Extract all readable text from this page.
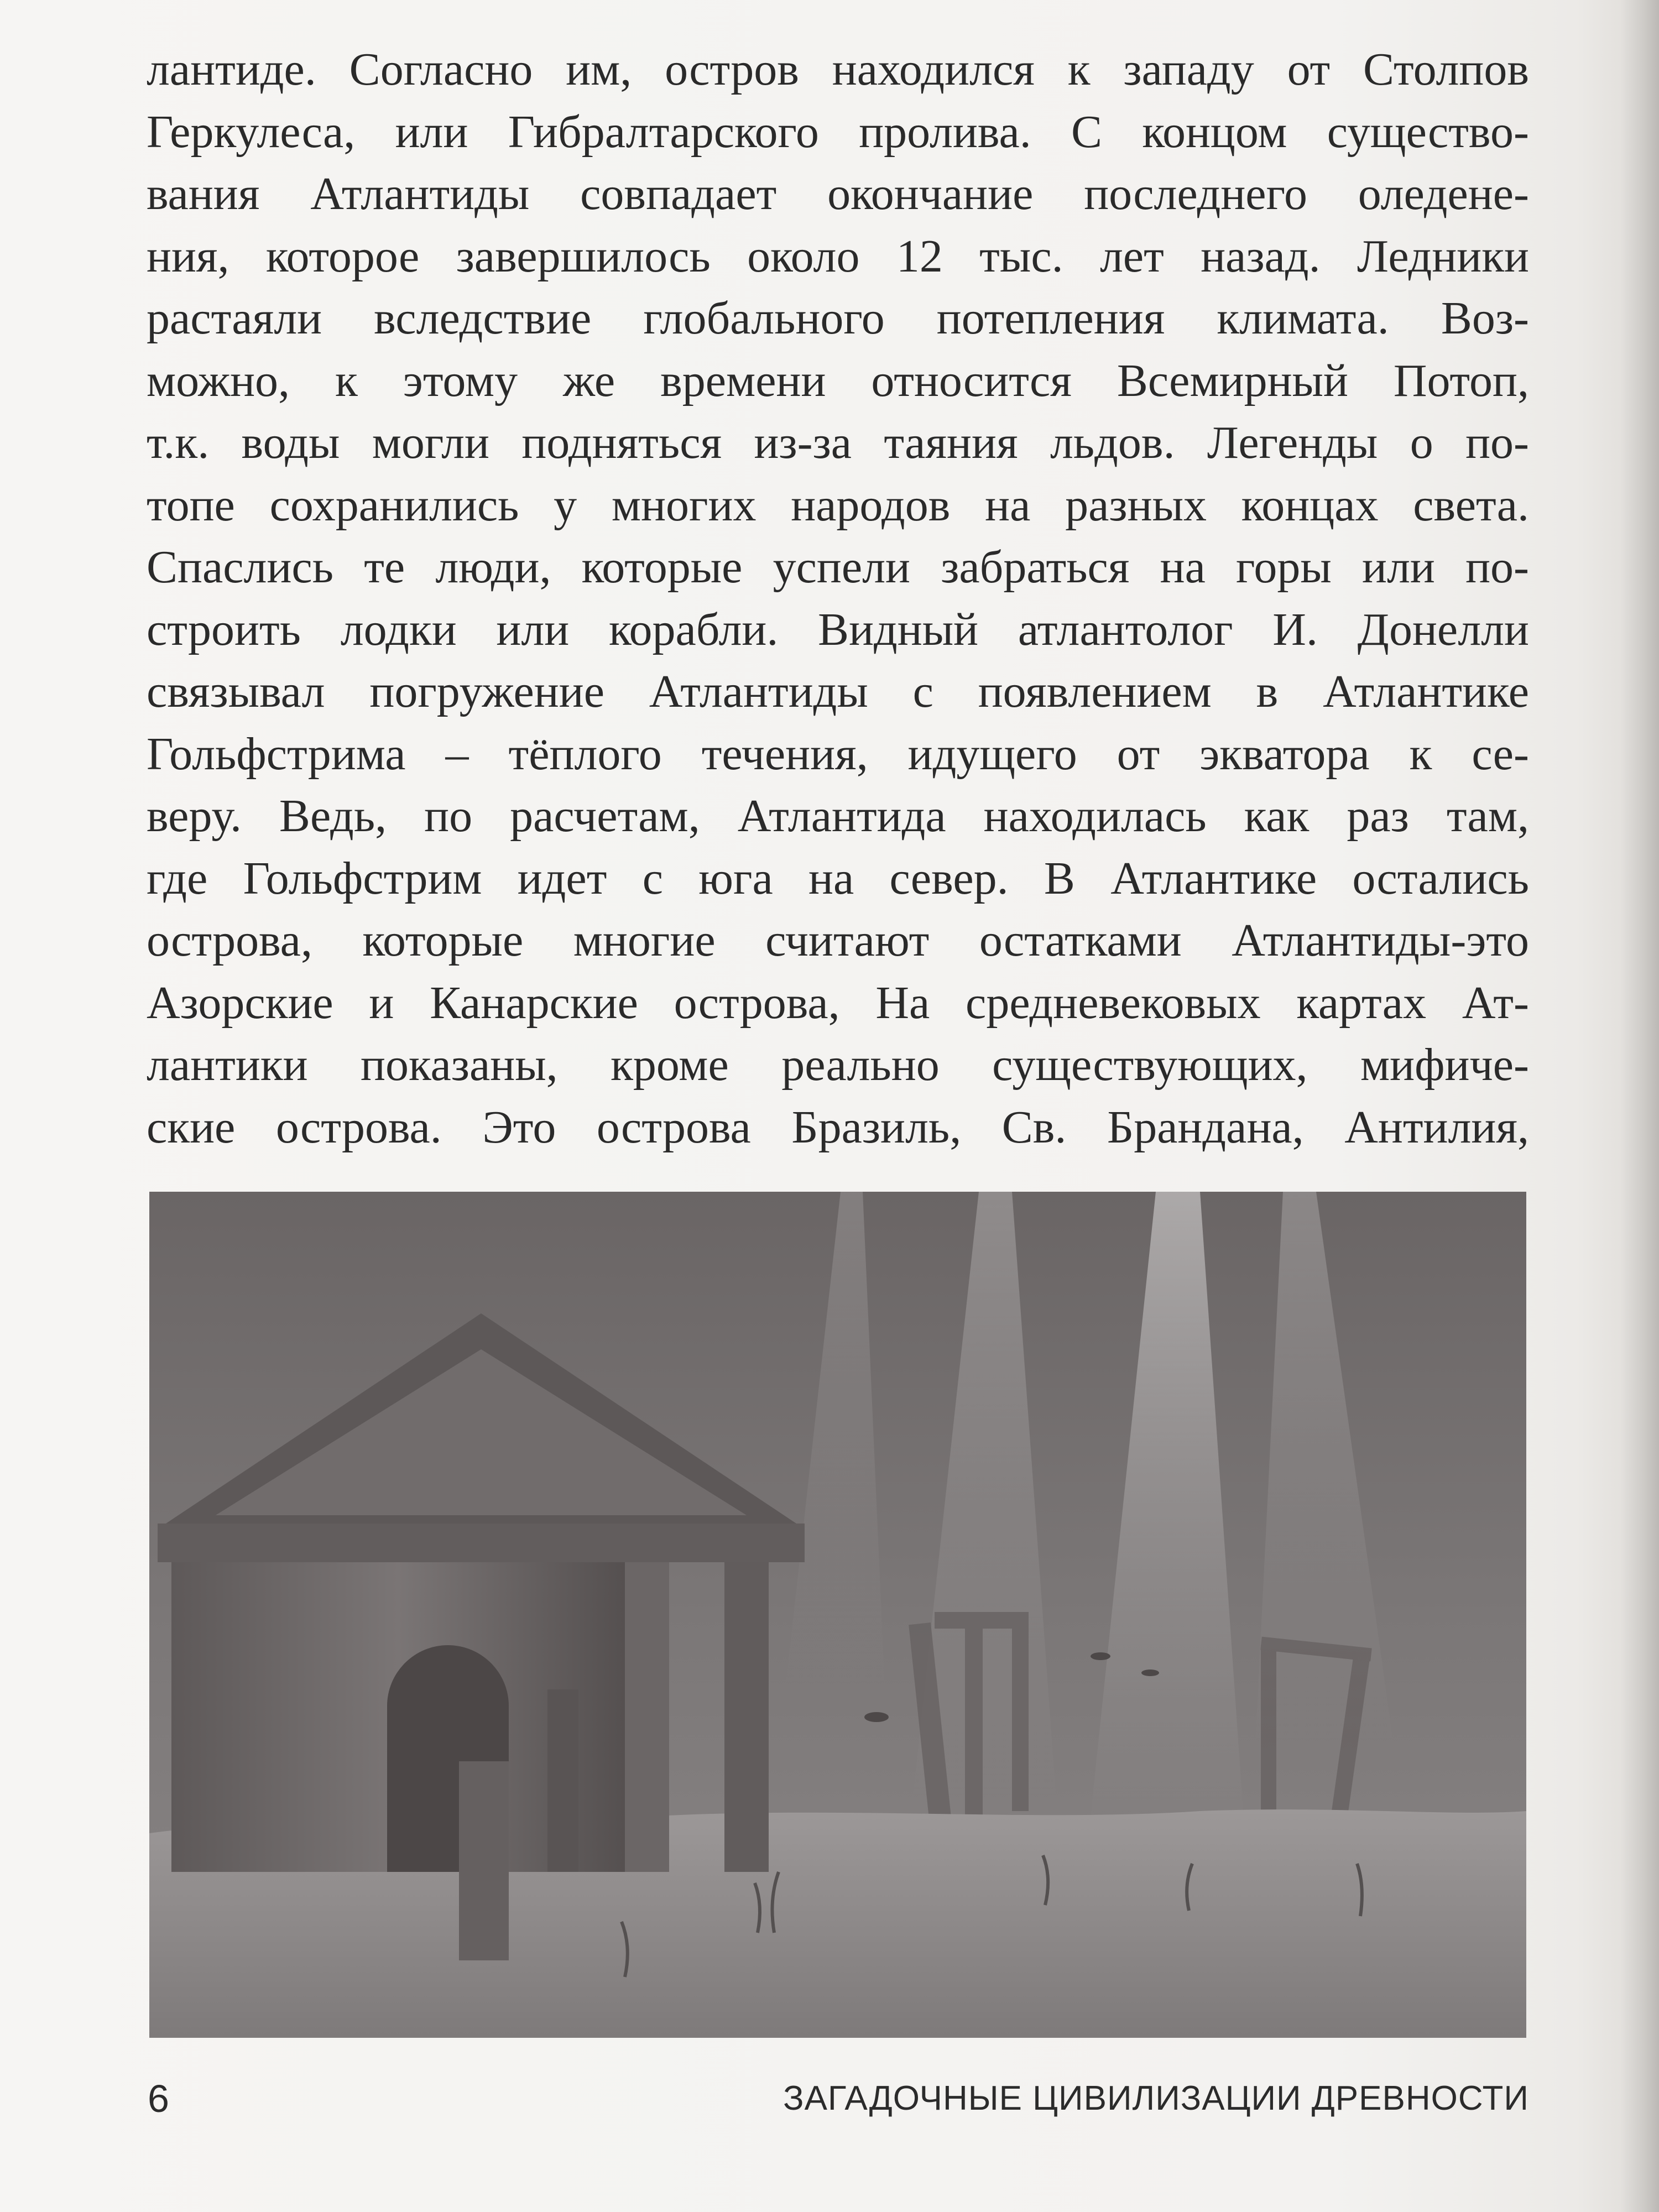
лантиде. Согласно им, остров находился к западу от Столпов
Геркулеса, или Гибралтарского пролива. С концом существо-
вания Атлантиды совпадает окончание последнего оледене-
ния, которое завершилось около 12 тыс. лет назад. Ледники
растаяли вследствие глобального потепления климата. Воз-
можно, к этому же времени относится Всемирный Потоп,
т.к. воды могли подняться из-за таяния льдов. Легенды о по-
топе сохранились у многих народов на разных концах света.
Спаслись те люди, которые успели забраться на горы или по-
строить лодки или корабли. Видный атлантолог И. Донелли
связывал погружение Атлантиды с появлением в Атлантике
Гольфстрима – тёплого течения, идущего от экватора к се-
веру. Ведь, по расчетам, Атлантида находилась как раз там,
где Гольфстрим идет с юга на север. В Атлантике остались
острова, которые многие считают остатками Атлантиды-это
Азорские и Канарские острова, На средневековых картах Ат-
лантики показаны, кроме реально существующих, мифиче-
ские острова. Это острова Бразиль, Св. Брандана, Антилия,
6	ЗАГАДОЧНЫЕ ЦИВИЛИЗАЦИИ ДРЕВНОСТИ
